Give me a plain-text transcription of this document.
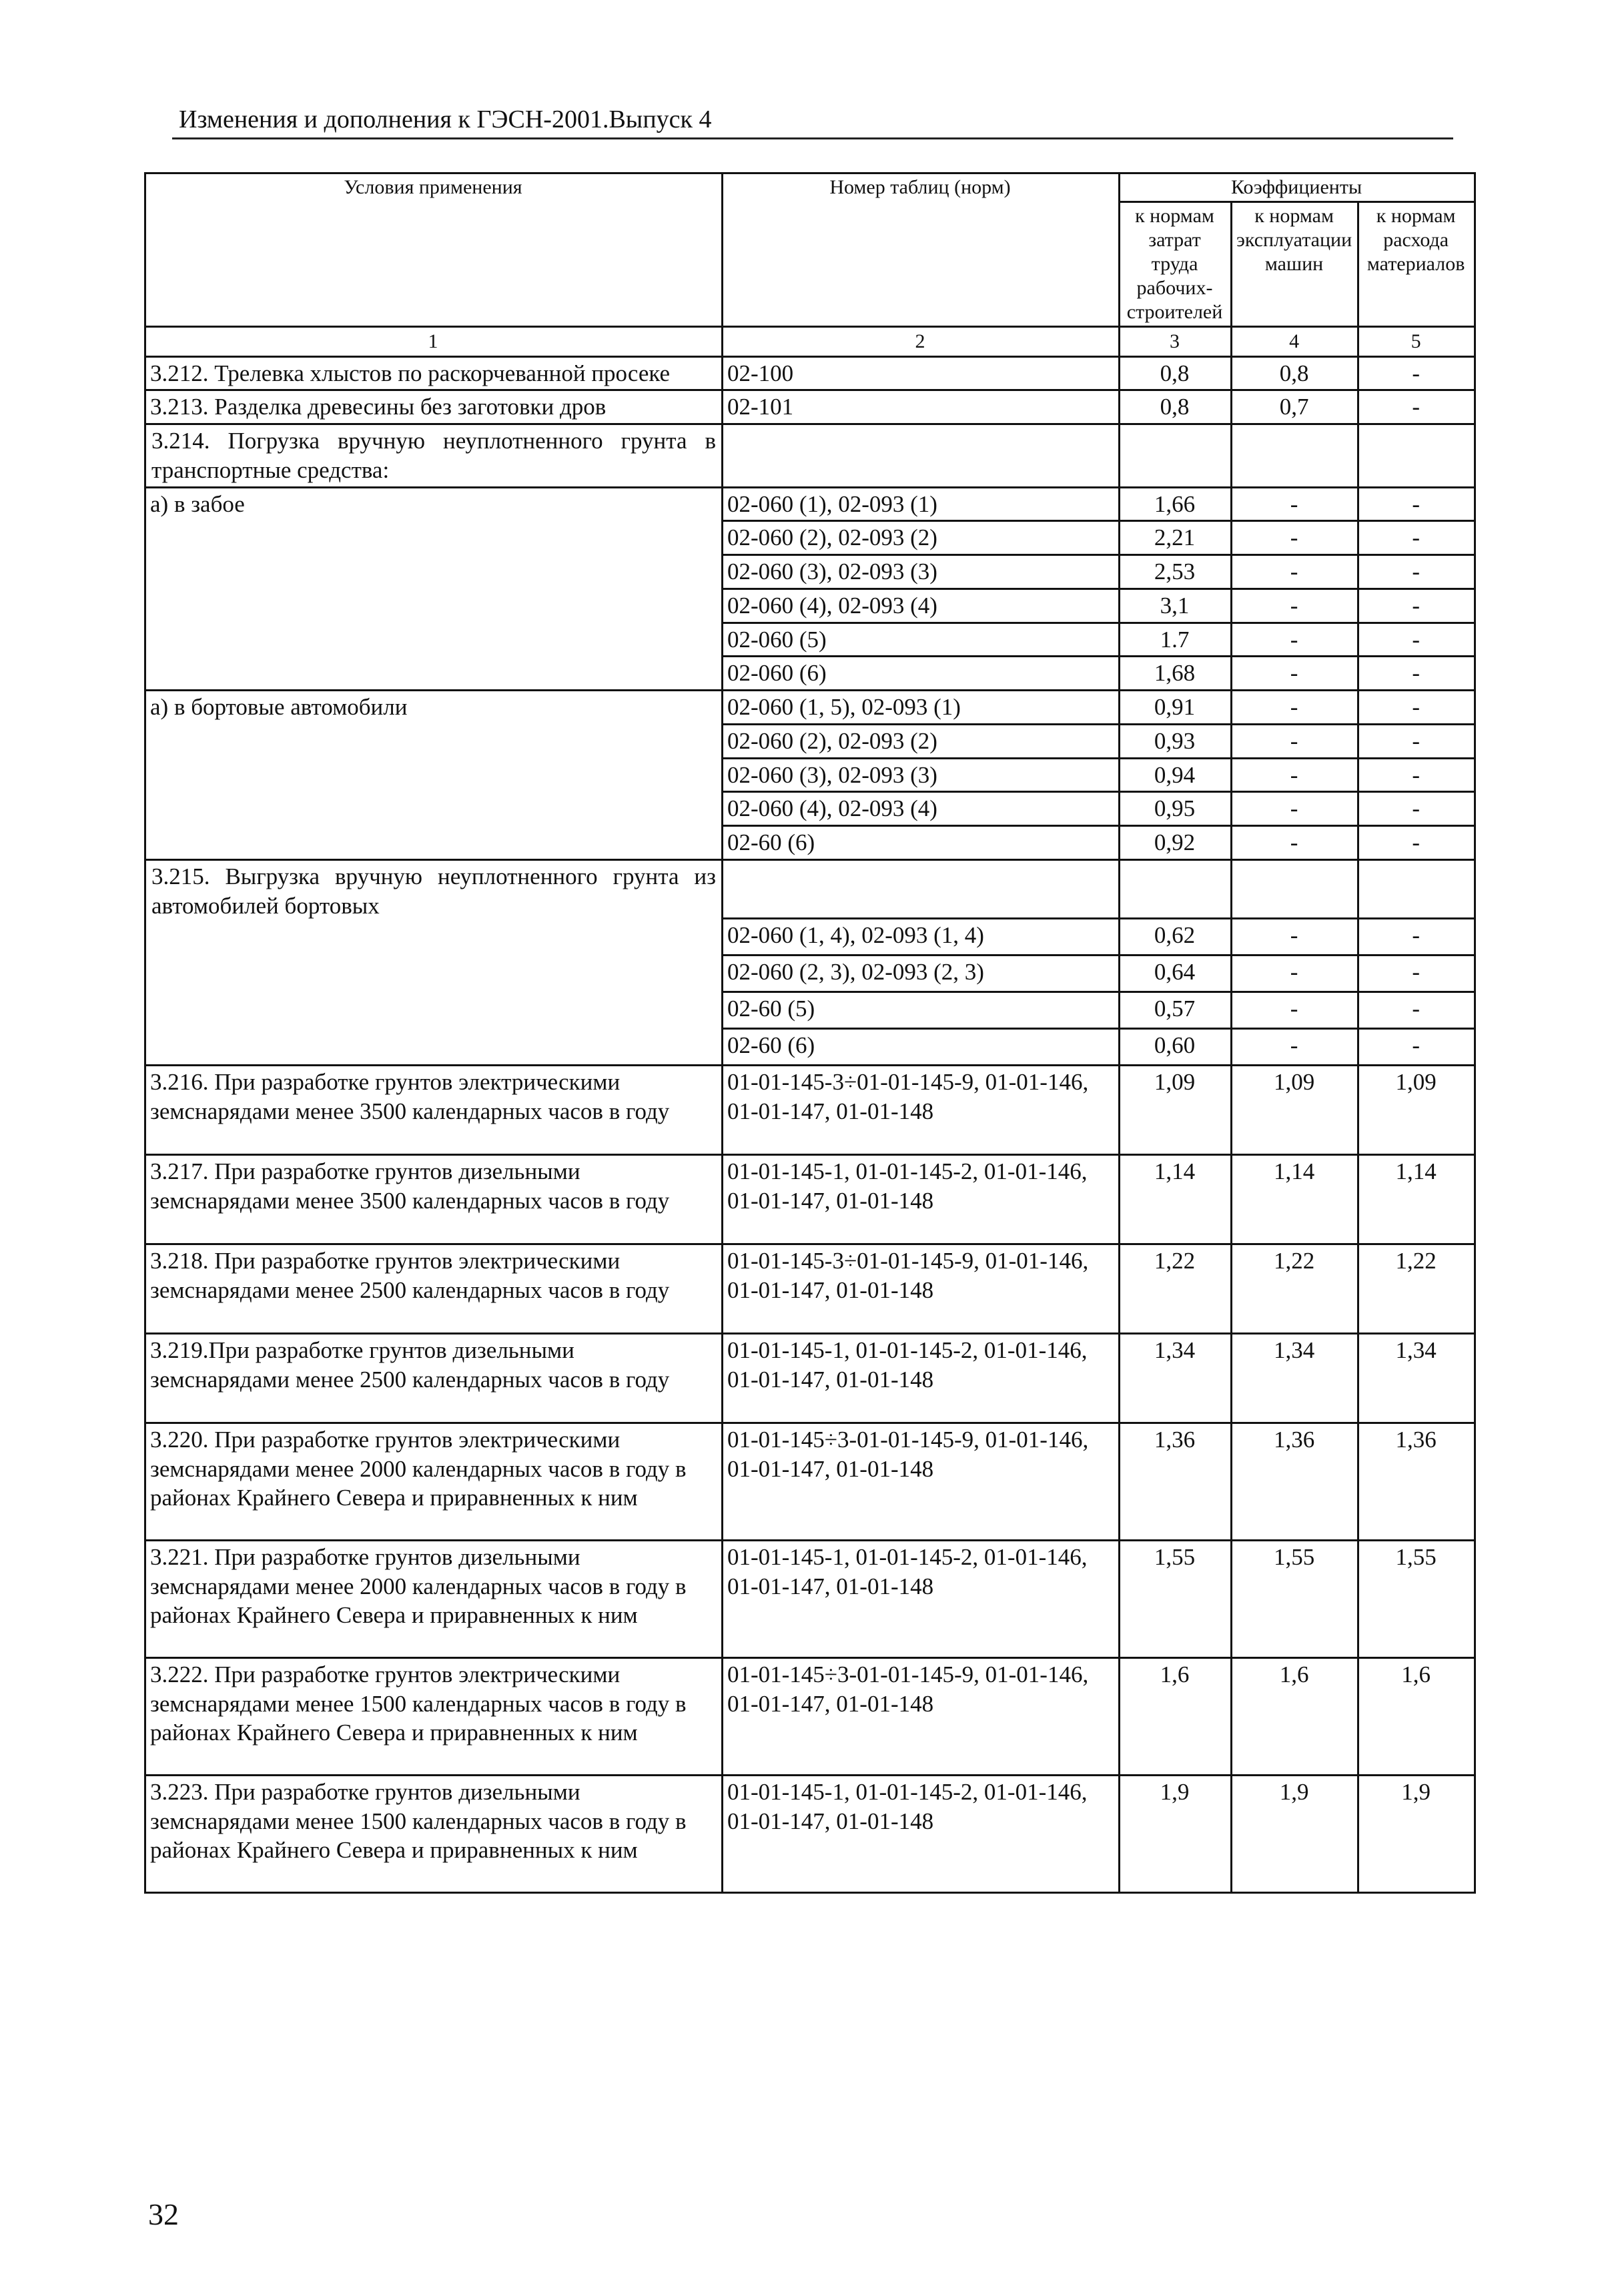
Изменения и дополнения к ГЭСН-2001.Выпуск 4
Условия применения	Номер таблиц (норм)	Коэффициенты		
		к нормам затрат труда рабочих-строителей	к нормам эксплуатации машин	к нормам расхода материалов
1	2	3	4	5
3.212. Трелевка хлыстов по раскорчеванной просеке	02-100	0,8	0,8	-
3.213. Разделка древесины без заготовки дров	02-101	0,8	0,7	-
3.214. Погрузка вручную неуплотненного грунта в транспортные средства:				
а) в забое	02-060 (1), 02-093 (1)	1,66	-	-
	02-060 (2), 02-093 (2)	2,21	-	-
	02-060 (3), 02-093 (3)	2,53	-	-
	02-060 (4), 02-093 (4)	3,1	-	-
	02-060 (5)	1.7	-	-
	02-060 (6)	1,68	-	-
а) в бортовые автомобили	02-060 (1, 5), 02-093 (1)	0,91	-	-
	02-060 (2), 02-093 (2)	0,93	-	-
	02-060 (3), 02-093 (3)	0,94	-	-
	02-060 (4), 02-093 (4)	0,95	-	-
	02-60 (6)	0,92	-	-
3.215. Выгрузка вручную неуплотненного грунта из автомобилей бортовых				
	02-060 (1, 4), 02-093 (1, 4)	0,62	-	-
	02-060 (2, 3), 02-093 (2, 3)	0,64	-	-
	02-60 (5)	0,57	-	-
	02-60 (6)	0,60	-	-
3.216. При разработке грунтов электрическими земснарядами менее 3500 календарных часов в году	01-01-145-3÷01-01-145-9, 01-01-146, 01-01-147, 01-01-148	1,09	1,09	1,09
3.217. При разработке грунтов дизельными земснарядами менее 3500 календарных часов в году	01-01-145-1, 01-01-145-2, 01-01-146, 01-01-147, 01-01-148	1,14	1,14	1,14
3.218. При разработке грунтов электрическими земснарядами менее 2500 календарных часов в году	01-01-145-3÷01-01-145-9, 01-01-146, 01-01-147, 01-01-148	1,22	1,22	1,22
3.219.При разработке грунтов дизельными земснарядами менее 2500 календарных часов в году	01-01-145-1, 01-01-145-2, 01-01-146, 01-01-147, 01-01-148	1,34	1,34	1,34
3.220. При разработке грунтов электрическими земснарядами менее 2000 календарных часов в году в районах Крайнего Севера и приравненных к ним	01-01-145÷3-01-01-145-9, 01-01-146, 01-01-147, 01-01-148	1,36	1,36	1,36
3.221. При разработке грунтов дизельными земснарядами менее 2000 календарных часов в году в районах Крайнего Севера и приравненных к ним	01-01-145-1, 01-01-145-2, 01-01-146, 01-01-147, 01-01-148	1,55	1,55	1,55
3.222. При разработке грунтов электрическими земснарядами менее 1500 календарных часов в году в районах Крайнего Севера и приравненных к ним	01-01-145÷3-01-01-145-9, 01-01-146, 01-01-147, 01-01-148	1,6	1,6	1,6
3.223. При разработке грунтов дизельными земснарядами менее 1500 календарных часов в году в районах Крайнего Севера и приравненных к ним	01-01-145-1, 01-01-145-2, 01-01-146, 01-01-147, 01-01-148	1,9	1,9	1,9
32
